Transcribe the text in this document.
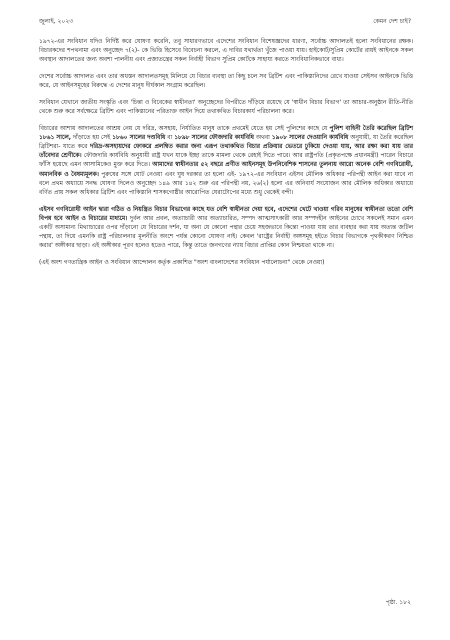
জুলাই, ২০২৩	কেমন দেশ চাই?

১৯৭২-এর সংবিধান যদিও নির্দিষ্ট করে ঘোষণা করেনি, তবু সাধারণভাবে এদেশের সংবিধান বিশেষজ্ঞদের ধারণা, সর্বোচ্চ আদালতই হলো সংবিধানের রক্ষক। বিচারকদের শপথনামা এবং অনুচ্ছেদ ৭(২)- কে ভিত্তি হিসেবে বিবেচনা করলে, এ দাবির যথার্থতা খুঁজে পাওয়া যায়। হাইকোর্ট/সুপ্রিম কোর্টের রায়ই আইনকে সকল অবস্থান আদালতের জন্য অবশ্য পালনীয় এবং প্রজাতন্ত্রের সকল নির্বাহী বিভাগ সুপ্রিম কোর্টকে সাহায্য করতে সাংবিধানিকভাবে বাধ্য।

দেশের সর্বোচ্চ আদালত এবং তার অধস্তন আদালতসমূহ মিলিয়ে যে বিচার ব্যবস্থা তা কিছু চলে সব ব্রিটিশ এবং পাকিস্তানিদের রেখে যাওয়া সেইসব আইনকে ভিত্তি করে, যে আইনসমূহের বিরুদ্ধে এ দেশের মানুষ দীর্ঘকাল সংগ্রাম করেছিল।

সংবিধান যেখানে জাতীয় সংস্কৃতি এবং 'চিন্তা ও বিবেকের স্বাধীনতা' অনুচ্ছেদের বিপরীতে দাঁড়িয়ে রয়েছে যে 'স্বাধীন বিচার বিভাগ' তা আচার-অনুষ্ঠান রীতি-নীতি থেকে শুরু করে সর্বক্ষেত্রে ব্রিটিশ এবং পাকিস্তানের পরিত্যক্ত আইন দিয়ে তথাকথিত বিচারকার্য পরিচালনা করে।

বিচারের আশায় আদালতের আশ্রয় নেয় যে দরিদ্র, অসহায়, নির্যাতিত মানুষ তাকে প্রথমেই যেতে হয় সেই পুলিশের কাছে যে পুলিশ বাহিনী তৈরি করেছিল ব্রিটিশ ১৮৬১ সালে, দাঁড়াতে হয় সেই ১৮৬০ সালের দণ্ডবিধি বা ১৮৯৮ সালের ফৌজদারি কার্যবিধি অথবা ১৯০৮ সালের দেওয়ানি কার্যবিধি অনুযায়ী, যা তৈরি করেছিল ব্রিটিশরা- যাতে করে দরিদ্র-অসহায়দের ফোকরে প্রলম্বিত করার জন্য এরূপ তথাকথিত বিচার প্রক্রিয়ার ভেতরে ঢুকিয়ে দেওয়া যায়, আর রক্ষা করা যায় তার তাঁবেদার শ্রেণীকে। ফৌজদারি কার্যবিধি অনুযায়ী রাষ্ট্র যখন যাকে ইচ্ছা তাকে মামলা থেকে রেহাই দিতে পারে। আর রাষ্ট্রপতি (প্রকৃতপক্ষে প্রধানমন্ত্রী) পারেন বিচারে ফাঁসি হয়েছে এমন আসামিকেও মুক্ত করে দিতে। আমাদের স্বাধীনতার ৫২ বছরে প্রণীত আইনসমূহ উপনিবেশিক শাসনের তুলনায় আরো অনেক বেশি গণবিরোধী, অমানবিক ও বৈষম্যমূলক। পুরুষের সঙ্গে ঘোট নেওয়া এবং ঘুষ দরকার তা হলো এই- ১৯৭২-এর সংবিধান এইসব মৌলিক অধিকার পরিপন্থী আইন করা যাবে না বলে প্রথম অধ্যায়ে সনদ্ধ ঘোষণা দিলেও অনুচ্ছেদ ১৪৯ আর ১৪২ শুরু এর পরিপন্থী নয়, ২৬(২) হলো এর অনিবার্য সংযোজন আর মৌলিক অধিকার অধ্যায়ে বর্ণিত প্রায় সকল অধিকার ব্রিটিশ এবং পাকিস্তানি শাসকগোষ্ঠীর আরোপিত ঘেরাটোপের মধ্যে শুধু থেকেই বন্দী।

এইসব গণবিরোধী আইন দ্বারা গঠিত ও নিয়ন্ত্রিত বিচার বিভাগের কাছে যত বেশি স্বাধীনতা দেয়া হবে, এদেশের খেটে খাওয়া গরিব মানুষের স্বাধীনতা ততো বেশি বিপন্ন হবে আইন ও বিচারের মাধ্যমে। দুর্বল আর প্রবল, অত্যাচারী আর অত্যাচারিত, সম্পদ আত্মসাৎকারী আর সম্পদহীন আইনের চোখে সকলেই সমান এমন একটি অসামান্য মিথ্যাচারের ওপর দাঁড়ানো যে বিচারের দর্শন, যা অন্য যে কোনো পন্থার চেয়ে সহজভাবে কিন্তো পাওয়া যায় তার ব্যবহার করা যায় অত্যন্ত জটিল পন্থায়, তা দিয়ে এমনকি রাষ্ট্র পরিচালনার মূলনীতি অংশে পর্যন্ত কোনো ঘোষণা নাই। কেবল 'রাষ্ট্রের নির্বাহী অঙ্গসমূহ হইতে বিচার বিভাগকে পৃথকীকরণ নিশ্চিত করার' অঙ্গীকার ছাড়া। এই অঙ্গীকার পূরণ হলেও হতেও পারে, কিন্তু তাতে জনগণের ন্যায় বিচার প্রাপ্তির কোন নিশ্চয়তা থাকে না।

(এই অংশ গণতান্ত্রিক আইন ও সংবিধান আন্দোলন কর্তৃক প্রকাশিত "অংশ বাংলাদেশের সংবিধান পর্যালোচনা" থেকে নেওয়া)

পৃষ্ঠা. ১৮২
